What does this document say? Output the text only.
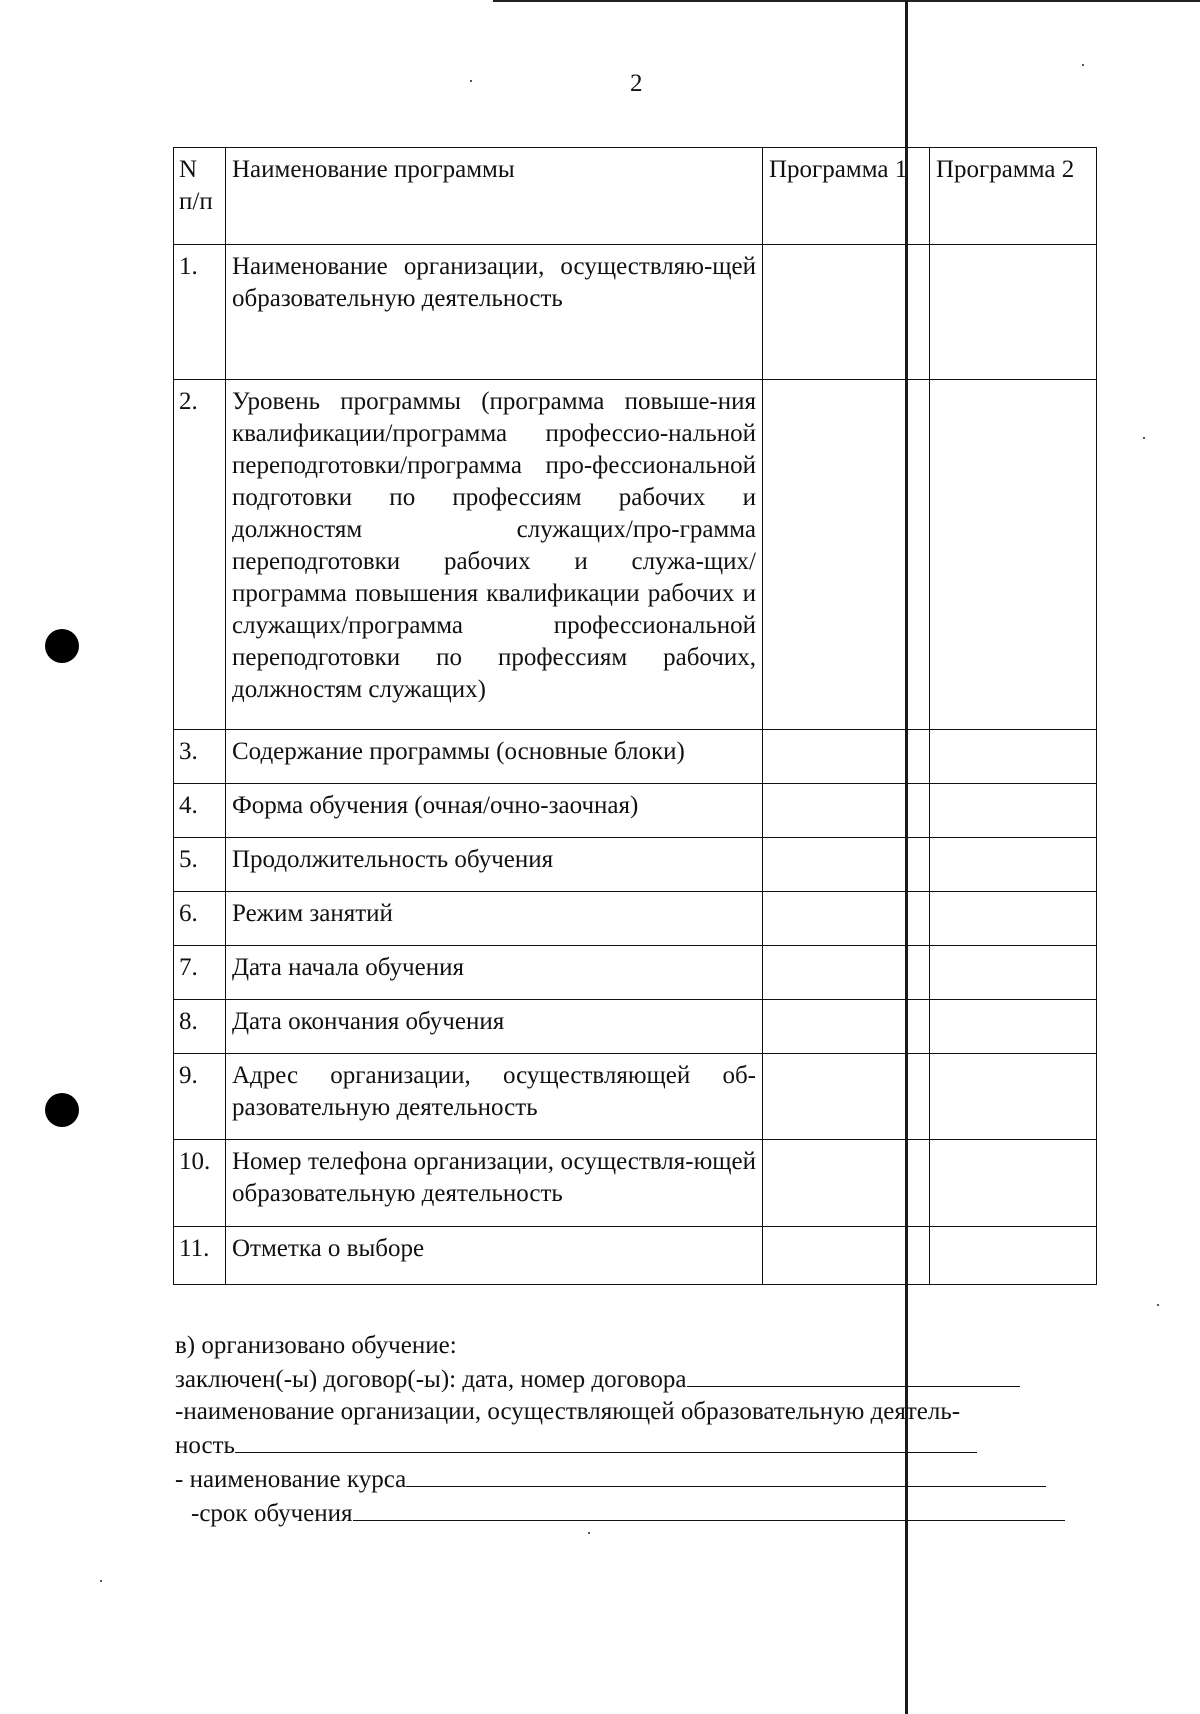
2
N п/п	Наименование программы	Программа 1	Программа 2
1.	Наименование организации, осуществляю-щей образовательную деятельность		
2.	Уровень программы (программа повыше-ния квалификации/программа профессио-нальной переподготовки/программа про-фессиональной подготовки по профессиям рабочих и должностям служащих/про-грамма переподготовки рабочих и служа-щих/программа повышения квалификации рабочих и служащих/программа профессиональной переподготовки по профессиям рабочих, должностям служащих)		
3.	Содержание программы (основные блоки)		
4.	Форма обучения (очная/очно-заочная)		
5.	Продолжительность обучения		
6.	Режим занятий		
7.	Дата начала обучения		
8.	Дата окончания обучения		
9.	Адрес организации, осуществляющей об-разовательную деятельность		
10.	Номер телефона организации, осуществля-ющей образовательную деятельность		
11.	Отметка о выборе		
в) организовано обучение:
заключен(-ы) договор(-ы): дата, номер договора
-наименование организации, осуществляющей образовательную деятель-
ность
- наименование курса
-срок обучения
